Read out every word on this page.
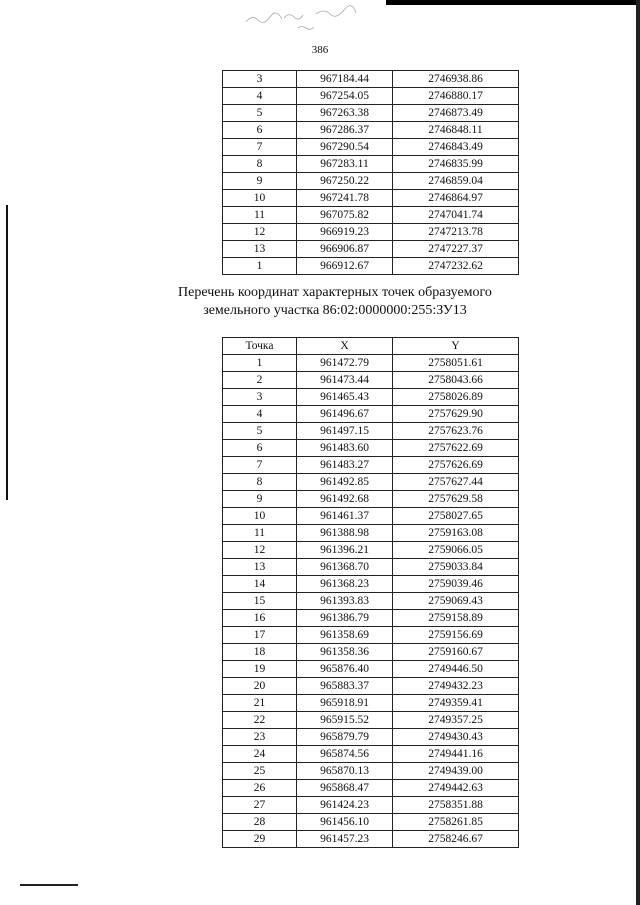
386
3	967184.44	2746938.86
4	967254.05	2746880.17
5	967263.38	2746873.49
6	967286.37	2746848.11
7	967290.54	2746843.49
8	967283.11	2746835.99
9	967250.22	2746859.04
10	967241.78	2746864.97
11	967075.82	2747041.74
12	966919.23	2747213.78
13	966906.87	2747227.37
1	966912.67	2747232.62
Перечень координат характерных точек образуемого
земельного участка 86:02:0000000:255:ЗУ13
Точка	X	Y
1	961472.79	2758051.61
2	961473.44	2758043.66
3	961465.43	2758026.89
4	961496.67	2757629.90
5	961497.15	2757623.76
6	961483.60	2757622.69
7	961483.27	2757626.69
8	961492.85	2757627.44
9	961492.68	2757629.58
10	961461.37	2758027.65
11	961388.98	2759163.08
12	961396.21	2759066.05
13	961368.70	2759033.84
14	961368.23	2759039.46
15	961393.83	2759069.43
16	961386.79	2759158.89
17	961358.69	2759156.69
18	961358.36	2759160.67
19	965876.40	2749446.50
20	965883.37	2749432.23
21	965918.91	2749359.41
22	965915.52	2749357.25
23	965879.79	2749430.43
24	965874.56	2749441.16
25	965870.13	2749439.00
26	965868.47	2749442.63
27	961424.23	2758351.88
28	961456.10	2758261.85
29	961457.23	2758246.67
